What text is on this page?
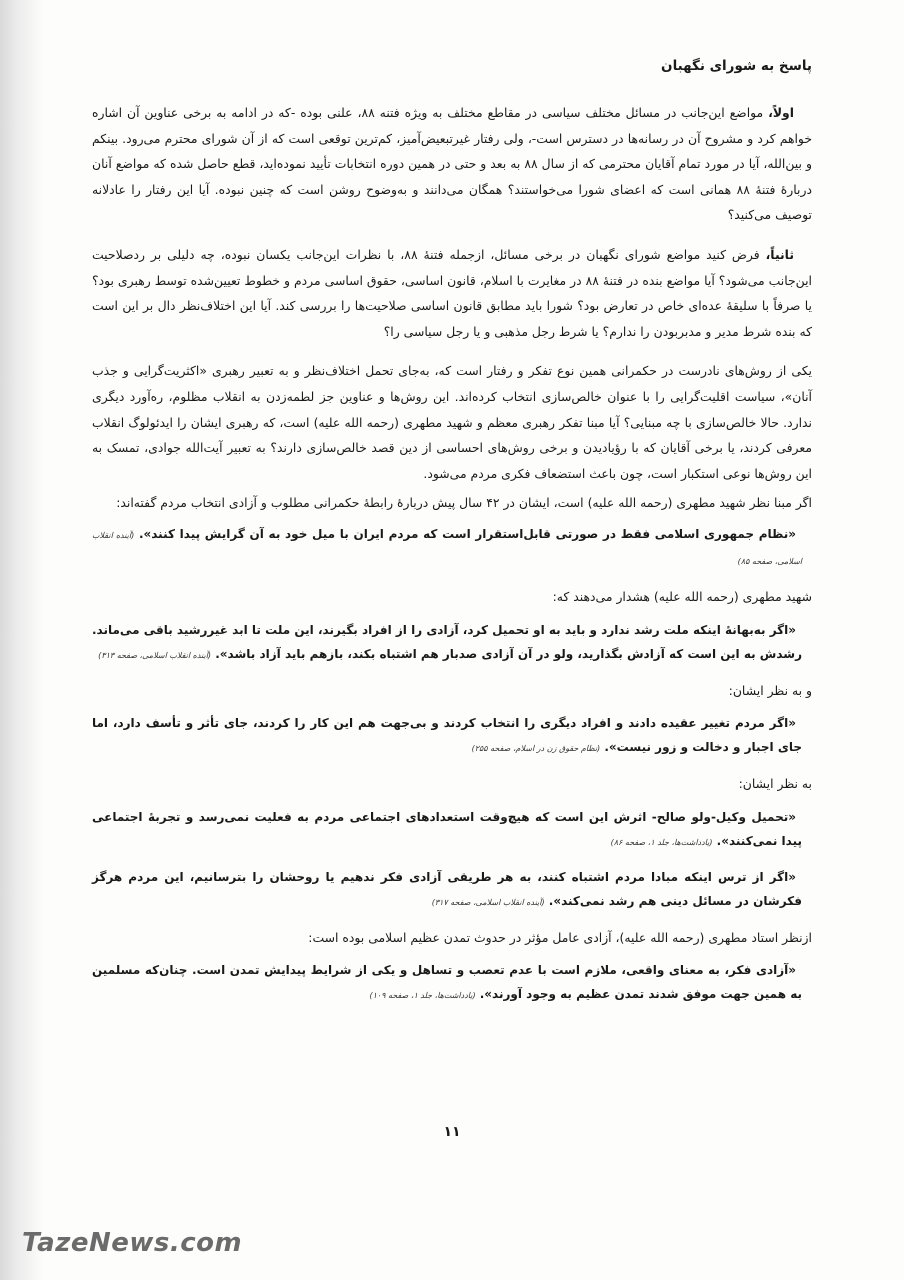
پاسخ به شورای نگهبان

اولاً، مواضع این‌جانب در مسائل مختلف سیاسی در مقاطع مختلف به ویژه فتنه ۸۸، علنی بوده -که در ادامه به برخی عناوین آن اشاره خواهم کرد و مشروح آن در رسانه‌ها در دسترس است-، ولی رفتار غیرتبعیض‌آمیز، کم‌ترین توقعی است که از آن شورای محترم می‌رود. بینکم و بین‌الله، آیا در مورد تمام آقایان محترمی که از سال ۸۸ به بعد و حتی در همین دوره انتخابات تأیید نموده‌اید، قطع حاصل شده که مواضع آنان دربارهٔ فتنهٔ ۸۸ همانی است که اعضای شورا می‌خواستند؟ همگان می‌دانند و به‌وضوح روشن است که چنین نبوده. آیا این رفتار را عادلانه توصیف می‌کنید؟

ثانیاً، فرض کنید مواضع شورای نگهبان در برخی مسائل، ازجمله فتنهٔ ۸۸، با نظرات این‌جانب یکسان نبوده، چه دلیلی بر ردصلاحیت این‌جانب می‌شود؟ آیا مواضع بنده در فتنهٔ ۸۸ در مغایرت با اسلام، قانون اساسی، حقوق اساسی مردم و خطوط تعیین‌شده توسط رهبری بود؟ یا صرفاً با سلیقهٔ عده‌ای خاص در تعارض بود؟ شورا باید مطابق قانون اساسی صلاحیت‌ها را بررسی کند. آیا این اختلاف‌نظر دال بر این است که بنده شرط مدیر و مدبربودن را ندارم؟ یا شرط رجل مذهبی و یا رجل سیاسی را؟

یکی از روش‌های نادرست در حکمرانی همین نوع تفکر و رفتار است که، به‌جای تحمل اختلاف‌نظر و به تعبیر رهبری «اکثریت‌گرایی و جذب آنان»، سیاست اقلیت‌گرایی را با عنوان خالص‌سازی انتخاب کرده‌اند. این روش‌ها و عناوین جز لطمه‌زدن به انقلاب مظلوم، ره‌آورد دیگری ندارد. حالا خالص‌سازی با چه مبنایی؟ آیا مبنا تفکر رهبری معظم و شهید مطهری (رحمه الله علیه) است، که رهبری ایشان را ایدئولوگ انقلاب معرفی کردند، یا برخی آقایان که با رؤیادیدن و برخی روش‌های احساسی از دین قصد خالص‌سازی دارند؟ به تعبیر آیت‌الله جوادی، تمسک به این روش‌ها نوعی استکبار است، چون باعث استضعاف فکری مردم می‌شود.

اگر مبنا نظر شهید مطهری (رحمه الله علیه) است، ایشان در ۴۲ سال پیش دربارهٔ رابطهٔ حکمرانی مطلوب و آزادی انتخاب مردم گفته‌اند:

«نظام جمهوری اسلامی فقط در صورتی قابل‌استقرار است که مردم ایران با میل خود به آن گرایش پیدا کنند». (آینده انقلاب اسلامی، صفحه ۸۵)

شهید مطهری (رحمه الله علیه) هشدار می‌دهند که:

«اگر به‌بهانهٔ اینکه ملت رشد ندارد و باید به او تحمیل کرد، آزادی را از افراد بگیرند، این ملت تا ابد غیررشید باقی می‌ماند. رشدش به این است که آزادش بگذارید، ولو در آن آزادی صدبار هم اشتباه بکند، بازهم باید آزاد باشد». (آینده انقلاب اسلامی، صفحه ۳۱۳)

و به نظر ایشان:

«اگر مردم تغییر عقیده دادند و افراد دیگری را انتخاب کردند و بی‌جهت هم این کار را کردند، جای تأثر و تأسف دارد، اما جای اجبار و دخالت و زور نیست». (نظام حقوق زن در اسلام، صفحه ۲۵۵)

به نظر ایشان:

«تحمیل وکیل-ولو صالح- اثرش این است که هیچ‌وقت استعدادهای اجتماعی مردم به فعلیت نمی‌رسد و تجربهٔ اجتماعی پیدا نمی‌کنند». (یادداشت‌ها، جلد ۱، صفحه ۸۶)

«اگر از ترس اینکه مبادا مردم اشتباه کنند، به هر طریقی آزادی فکر ندهیم یا روحشان را بترسانیم، این مردم هرگز فکرشان در مسائل دینی هم رشد نمی‌کند». (آینده انقلاب اسلامی، صفحه ۳۱۷)

ازنظر استاد مطهری (رحمه الله علیه)، آزادی عامل مؤثر در حدوث تمدن عظیم اسلامی بوده است:

«آزادی فکر، به معنای واقعی، ملازم است با عدم تعصب و تساهل و یکی از شرایط پیدایش تمدن است. چنان‌که مسلمین به همین جهت موفق شدند تمدن عظیم به وجود آورند». (یادداشت‌ها، جلد ۱، صفحه ۱۰۹)

۱۱
TazeNews.com
